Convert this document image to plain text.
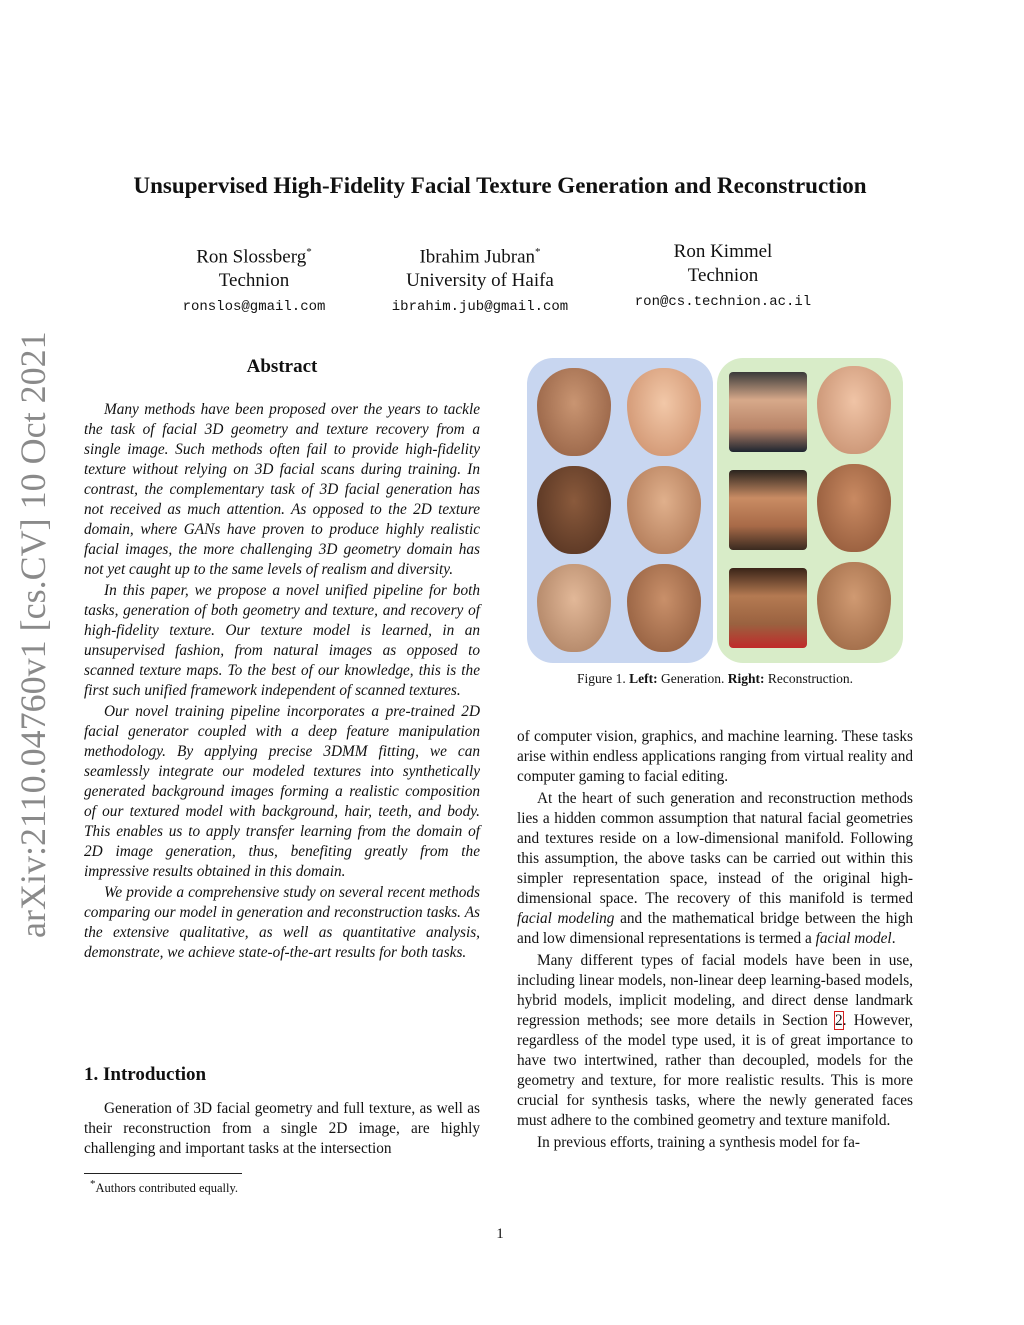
arXiv:2110.04760v1 [cs.CV] 10 Oct 2021
Unsupervised High-Fidelity Facial Texture Generation and Reconstruction
Ron Slossberg*
Technion
ronslos@gmail.com
Ibrahim Jubran*
University of Haifa
ibrahim.jub@gmail.com
Ron Kimmel
Technion
ron@cs.technion.ac.il
Abstract

Many methods have been proposed over the years to tackle the task of facial 3D geometry and texture recovery from a single image. Such methods often fail to provide high-fidelity texture without relying on 3D facial scans during training. In contrast, the complementary task of 3D facial generation has not received as much attention. As opposed to the 2D texture domain, where GANs have proven to produce highly realistic facial images, the more challenging 3D geometry domain has not yet caught up to the same levels of realism and diversity.

In this paper, we propose a novel unified pipeline for both tasks, generation of both geometry and texture, and recovery of high-fidelity texture. Our texture model is learned, in an unsupervised fashion, from natural images as opposed to scanned texture maps. To the best of our knowledge, this is the first such unified framework independent of scanned textures.

Our novel training pipeline incorporates a pre-trained 2D facial generator coupled with a deep feature manipulation methodology. By applying precise 3DMM fitting, we can seamlessly integrate our modeled textures into synthetically generated background images forming a realistic composition of our textured model with background, hair, teeth, and body. This enables us to apply transfer learning from the domain of 2D image generation, thus, benefiting greatly from the impressive results obtained in this domain.

We provide a comprehensive study on several recent methods comparing our model in generation and reconstruction tasks. As the extensive qualitative, as well as quantitative analysis, demonstrate, we achieve state-of-the-art results for both tasks.

1. Introduction

Generation of 3D facial geometry and full texture, as well as their reconstruction from a single 2D image, are highly challenging and important tasks at the intersection

*Authors contributed equally.
Figure 1. Left: Generation. Right: Reconstruction.

of computer vision, graphics, and machine learning. These tasks arise within endless applications ranging from virtual reality and computer gaming to facial editing.

At the heart of such generation and reconstruction methods lies a hidden common assumption that natural facial geometries and textures reside on a low-dimensional manifold. Following this assumption, the above tasks can be carried out within this simpler representation space, instead of the original high-dimensional space. The recovery of this manifold is termed facial modeling and the mathematical bridge between the high and low dimensional representations is termed a facial model.

Many different types of facial models have been in use, including linear models, non-linear deep learning-based models, hybrid models, implicit modeling, and direct dense landmark regression methods; see more details in Section 2. However, regardless of the model type used, it is of great importance to have two intertwined, rather than decoupled, models for the geometry and texture, for more realistic results. This is more crucial for synthesis tasks, where the newly generated faces must adhere to the combined geometry and texture manifold.

In previous efforts, training a synthesis model for fa-

1
